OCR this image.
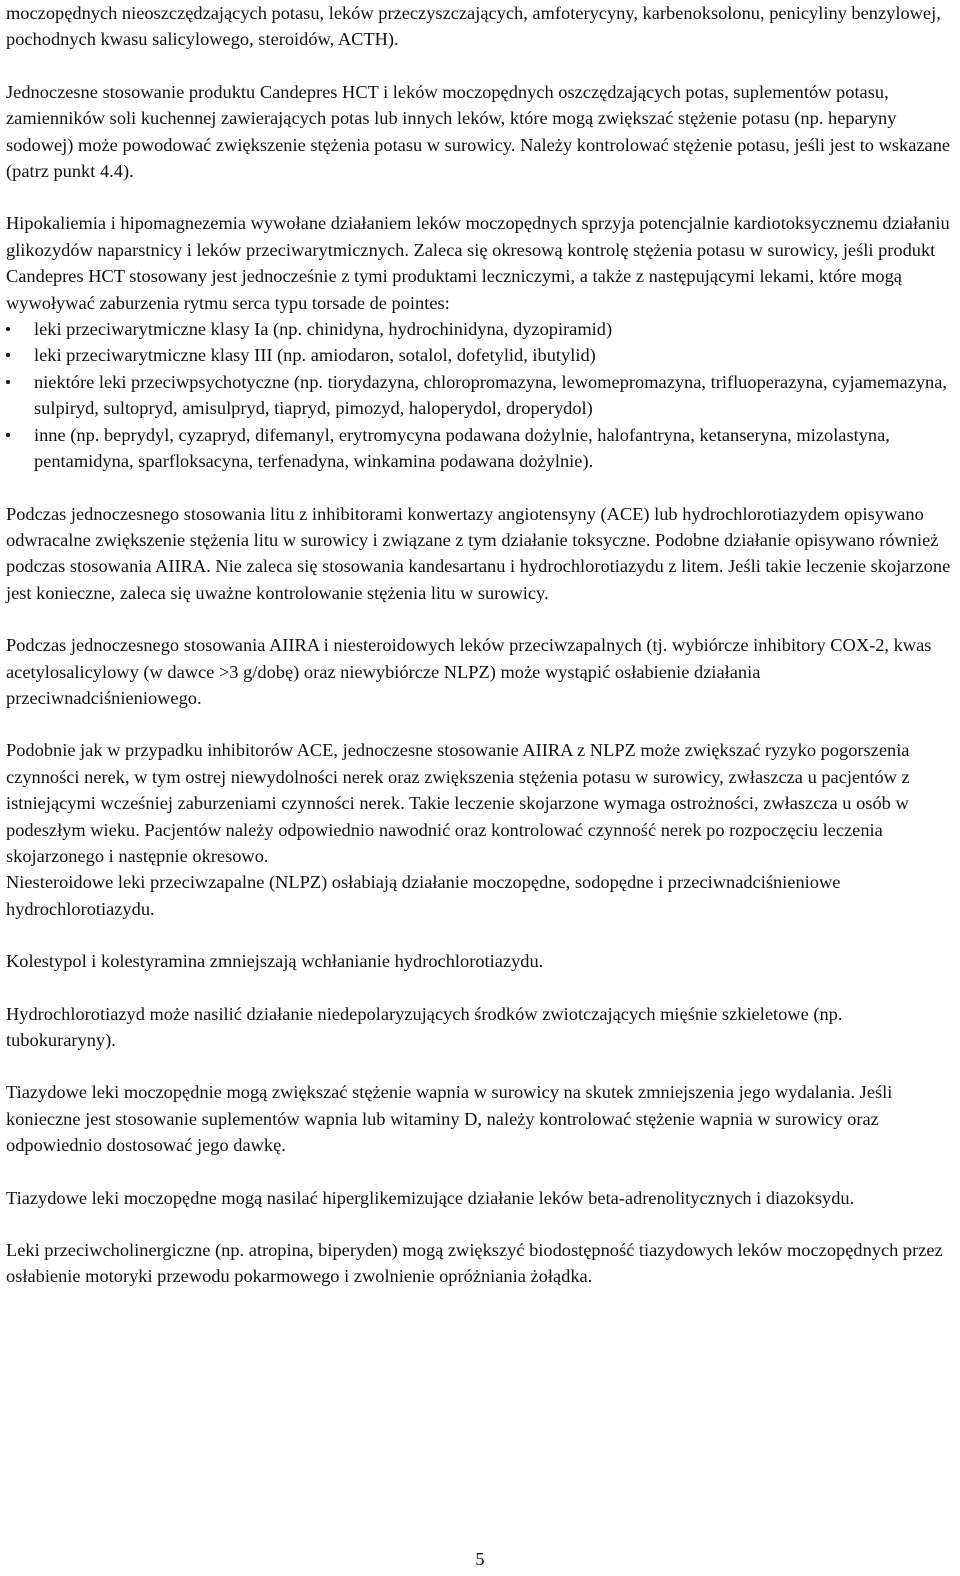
moczopędnych nieoszczędzających potasu, leków przeczyszczających, amfoterycyny, karbenoksolonu, penicyliny benzylowej, pochodnych kwasu salicylowego, steroidów, ACTH).

Jednoczesne stosowanie produktu Candepres HCT i leków moczopędnych oszczędzających potas, suplementów potasu, zamienników soli kuchennej zawierających potas lub innych leków, które mogą zwiększać stężenie potasu (np. heparyny sodowej) może powodować zwiększenie stężenia potasu w surowicy. Należy kontrolować stężenie potasu, jeśli jest to wskazane (patrz punkt 4.4).

Hipokaliemia i hipomagnezemia wywołane działaniem leków moczopędnych sprzyja potencjalnie kardiotoksycznemu działaniu glikozydów naparstnicy i leków przeciwarytmicznych. Zaleca się okresową kontrolę stężenia potasu w surowicy, jeśli produkt Candepres HCT stosowany jest jednocześnie z tymi produktami leczniczymi, a także z następującymi lekami, które mogą wywoływać zaburzenia rytmu serca typu torsade de pointes:

leki przeciwarytmiczne klasy Ia (np. chinidyna, hydrochinidyna, dyzopiramid)
leki przeciwarytmiczne klasy III (np. amiodaron, sotalol, dofetylid, ibutylid)
niektóre leki przeciwpsychotyczne (np. tiorydazyna, chloropromazyna, lewomepromazyna, trifluoperazyna, cyjamemazyna, sulpiryd, sultopryd, amisulpryd, tiapryd, pimozyd, haloperydol, droperydol)
inne (np. beprydyl, cyzapryd, difemanyl, erytromycyna podawana dożylnie, halofantryna, ketanseryna, mizolastyna, pentamidyna, sparfloksacyna, terfenadyna, winkamina podawana dożylnie).

Podczas jednoczesnego stosowania litu z inhibitorami konwertazy angiotensyny (ACE) lub hydrochlorotiazydem opisywano odwracalne zwiększenie stężenia litu w surowicy i związane z tym działanie toksyczne. Podobne działanie opisywano również podczas stosowania AIIRA. Nie zaleca się stosowania kandesartanu i hydrochlorotiazydu z litem. Jeśli takie leczenie skojarzone jest konieczne, zaleca się uważne kontrolowanie stężenia litu w surowicy.

Podczas jednoczesnego stosowania AIIRA i niesteroidowych leków przeciwzapalnych (tj. wybiórcze inhibitory COX-2, kwas acetylosalicylowy (w dawce >3 g/dobę) oraz niewybiórcze NLPZ) może wystąpić osłabienie działania przeciwnadciśnieniowego.

Podobnie jak w przypadku inhibitorów ACE, jednoczesne stosowanie AIIRA z NLPZ może zwiększać ryzyko pogorszenia czynności nerek, w tym ostrej niewydolności nerek oraz zwiększenia stężenia potasu w surowicy, zwłaszcza u pacjentów z istniejącymi wcześniej zaburzeniami czynności nerek. Takie leczenie skojarzone wymaga ostrożności, zwłaszcza u osób w podeszłym wieku. Pacjentów należy odpowiednio nawodnić oraz kontrolować czynność nerek po rozpoczęciu leczenia skojarzonego i następnie okresowo.

Niesteroidowe leki przeciwzapalne (NLPZ) osłabiają działanie moczopędne, sodopędne i przeciwnadciśnieniowe hydrochlorotiazydu.

Kolestypol i kolestyramina zmniejszają wchłanianie hydrochlorotiazydu.

Hydrochlorotiazyd może nasilić działanie niedepolaryzujących środków zwiotczających mięśnie szkieletowe (np. tubokuraryny).

Tiazydowe leki moczopędnie mogą zwiększać stężenie wapnia w surowicy na skutek zmniejszenia jego wydalania. Jeśli konieczne jest stosowanie suplementów wapnia lub witaminy D, należy kontrolować stężenie wapnia w surowicy oraz odpowiednio dostosować jego dawkę.

Tiazydowe leki moczopędne mogą nasilać hiperglikemizujące działanie leków beta-adrenolitycznych i diazoksydu.

Leki przeciwcholinergiczne (np. atropina, biperyden) mogą zwiększyć biodostępność tiazydowych leków moczopędnych przez osłabienie motoryki przewodu pokarmowego i zwolnienie opróżniania żołądka.

5
